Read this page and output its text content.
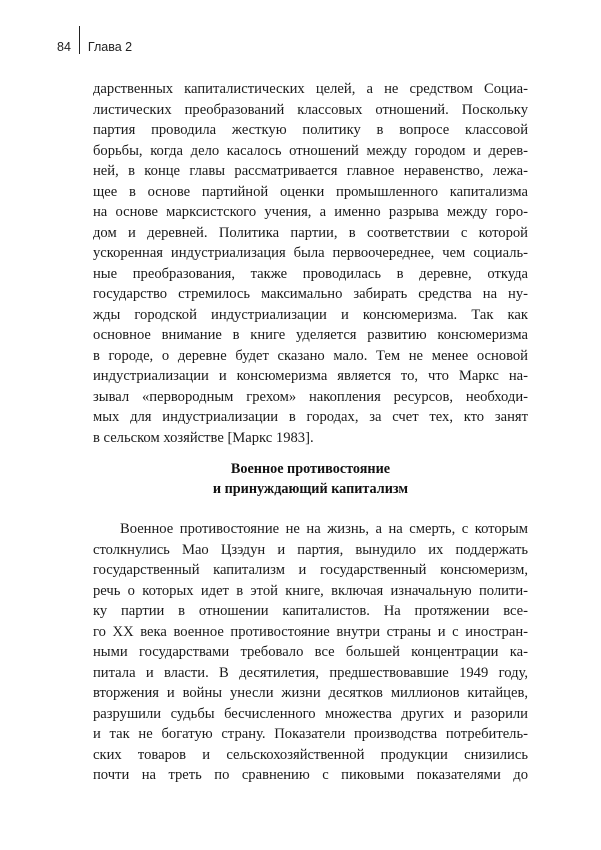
84	Глава 2
дарственных капиталистических целей, а не средством Социа-
листических преобразований классовых отношений. Поскольку
партия проводила жесткую политику в вопросе классовой
борьбы, когда дело касалось отношений между городом и дерев-
ней, в конце главы рассматривается главное неравенство, лежа-
щее в основе партийной оценки промышленного капитализма
на основе марксистского учения, а именно разрыва между горо-
дом и деревней. Политика партии, в соответствии с которой
ускоренная индустриализация была первоочереднее, чем социаль-
ные преобразования, также проводилась в деревне, откуда
государство стремилось максимально забирать средства на ну-
жды городской индустриализации и консюмеризма. Так как
основное внимание в книге уделяется развитию консюмеризма
в городе, о деревне будет сказано мало. Тем не менее основой
индустриализации и консюмеризма является то, что Маркс на-
зывал «первородным грехом» накопления ресурсов, необходи-
мых для индустриализации в городах, за счет тех, кто занят
в сельском хозяйстве [Маркс 1983].
Военное противостояние
и принуждающий капитализм
Военное противостояние не на жизнь, а на смерть, с которым
столкнулись Мао Цзэдун и партия, вынудило их поддержать
государственный капитализм и государственный консюмеризм,
речь о которых идет в этой книге, включая изначальную полити-
ку партии в отношении капиталистов. На протяжении все-
го XX века военное противостояние внутри страны и с иностран-
ными государствами требовало все большей концентрации ка-
питала и власти. В десятилетия, предшествовавшие 1949 году,
вторжения и войны унесли жизни десятков миллионов китайцев,
разрушили судьбы бесчисленного множества других и разорили
и так не богатую страну. Показатели производства потребитель-
ских товаров и сельскохозяйственной продукции снизились
почти на треть по сравнению с пиковыми показателями до
